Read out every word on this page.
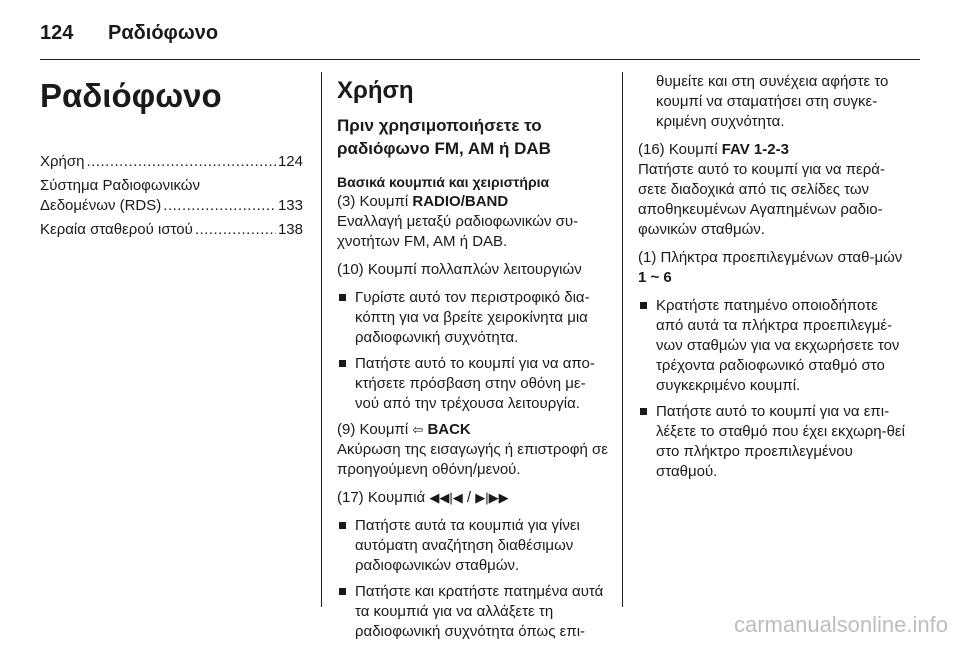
124 Ραδιόφωνο
Ραδιόφωνο
Χρήση .....	124
Σύστημα Ραδιοφωνικών
Δεδομένων (RDS) .....	133
Κεραία σταθερού ιστού .....	138
Χρήση
Πριν χρησιμοποιήσετε το ραδιόφωνο FM, AM ή DAB
Βασικά κουμπιά και χειριστήρια
(3) Κουμπί RADIO/BAND

Εναλλαγή μεταξύ ραδιοφωνικών συ-χνοτήτων FM, AM ή DAB.

(10) Κουμπί πολλαπλών λειτουργιών

Γυρίστε αυτό τον περιστροφικό δια-κόπτη για να βρείτε χειροκίνητα μια ραδιοφωνική συχνότητα.
Πατήστε αυτό το κουμπί για να απο-κτήσετε πρόσβαση στην οθόνη με-νού από την τρέχουσα λειτουργία.
(9) Κουμπί ⇦ BACK

Ακύρωση της εισαγωγής ή επιστροφή σε προηγούμενη οθόνη/μενού.

(17) Κουμπιά ◀◀|◀ / ▶|▶▶

Πατήστε αυτά τα κουμπιά για γίνει αυτόματη αναζήτηση διαθέσιμων ραδιοφωνικών σταθμών.
Πατήστε και κρατήστε πατημένα αυτά τα κουμπιά για να αλλάξετε τη ραδιοφωνική συχνότητα όπως επι-
θυμείτε και στη συνέχεια αφήστε το κουμπί να σταματήσει στη συγκε-κριμένη συχνότητα.
(16) Κουμπί FAV 1-2-3

Πατήστε αυτό το κουμπί για να περά-σετε διαδοχικά από τις σελίδες των αποθηκευμένων Αγαπημένων ραδιο-φωνικών σταθμών.

(1) Πλήκτρα προεπιλεγμένων σταθ-μών 1 ~ 6

Κρατήστε πατημένο οποιοδήποτε από αυτά τα πλήκτρα προεπιλεγμέ-νων σταθμών για να εκχωρήσετε τον τρέχοντα ραδιοφωνικό σταθμό στο συγκεκριμένο κουμπί.
Πατήστε αυτό το κουμπί για να επι-λέξετε το σταθμό που έχει εκχωρη-θεί στο πλήκτρο προεπιλεγμένου σταθμού.
carmanualsonline.info
